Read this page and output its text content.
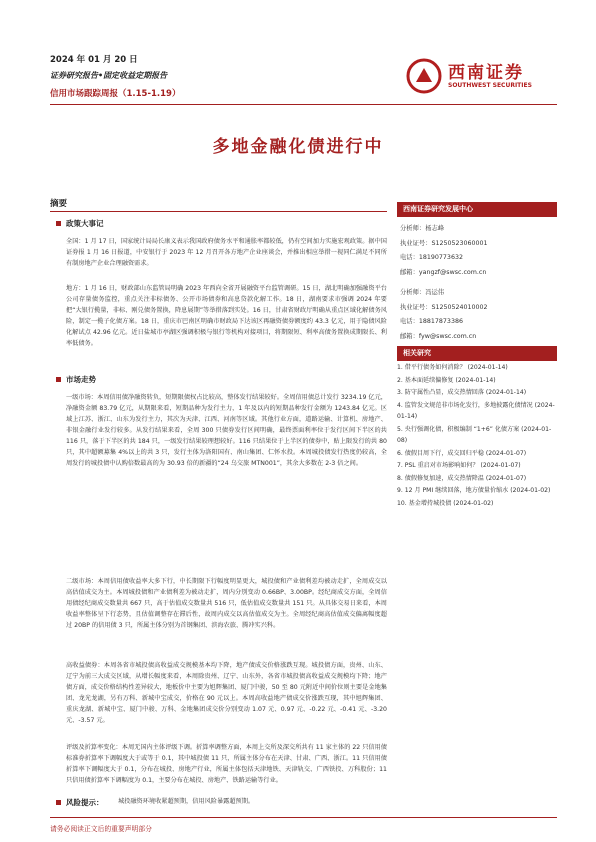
2024 年 01 月 20 日
证券研究报告•固定收益定期报告
信用市场跟踪周报（1.15-1.19）
西南证券
SOUTHWEST SECURITIES
多地金融化债进行中
摘要
政策大事记
全国：1 月 17 日，国家统计局局长康义表示我国政府债务水平和通胀率都较低，仍有空间加力实施宏观政策。据中国证券报 1 月 16 日报道，中安银行于 2023 年 12 月召开各方地产企业座谈会，并推出相应举措一视同仁满足不同所有制房地产企业合理融资需求。
地方：1 月 16 日，财政部山东监管局明确 2023 年西向全省开展融资平台监管调研。15 日，湖北明确加强融资平台公司存量债务监控，重点关注非标债务、公开市场债券和高息贷款化解工作。18 日，湖南要求市强调 2024 年要把“大银行揽量，非标、刚兑债务置换，降息展期”等举措落到实处。16 日，甘肃省财政厅明确从重点区域化解债务风险，制定一揽子化债方案。18 日，重庆市巴南区明确市财政局下达该区再融资债券额度约 43.3 亿元，用于隐债风险化解试点 42.96 亿元。近日盐城市亭湖区强调积极与银行等机构对接项目，将期限短、利率高债务置换成期限长、利率低债务。
市场走势
一级市场：本周信用债净融资转负，短期限债权占比较高，整体发行结果较好。全周信用债总计发行 3234.19 亿元，净融资金额 83.79 亿元，从期限来看，短期品种为发行主力，1 年及以内的短期品种发行金额为 1243.84 亿元。区域上江苏、浙江、山东为发行主力，其次为天津、江西、河南等区域。其他行业方面，道路运输、计算机、房地产、非银金融行业发行较多。从发行结果来看，全周 300 只债券发行区间明确，最终票面利率位于发行区间下半区的共 116 只，落于下半区的共 184 只，一级发行结果较理想较好。116 只结果位于上半区的债券中，贴上限发行的共 80 只，其中超额募集 4%以上的共 3 只，发行主体为洛阳国有、南山集团、仁怀水投。本周城投债发行热度仍较高，全周发行的城投债中认购倍数最高的为 30.93 倍的新疆的“24 乌交旅 MTN001”，其余大多数在 2-3 倍之间。
二级市场：本周信用债收益率大多下行，中长期限下行幅度明显更大，城投债和产业债利差均被动走扩，全周成交以高估值成交为主。本周城投债和产业债利差为被动走扩，周内分别变动 0.66BP、3.00BP。经纪商成交方面，全周信用债经纪商成交数量共 667 只，高于估值成交数量共 516 只，低估值成交数量共 151 只。从具体交易日来看，本周收益率整体呈下行态势，且估值调整存在滞后性，故周内成交以高估值成交为主。全周经纪商高估值成交偏离幅度超过 20BP 的信用债 3 只，所属主体分别为首钢集团、滨海农旅、腾冲实兴科。
高收益债券：本周各省市城投债高收益成交规模基本均下降，地产债成交价格涨跌互现。城投债方面，贵州、山东、辽宁为前三大成交区域，从增长幅度来看，本周除贵州、辽宁、山东外，各省市城投债高收益成交规模均下降；地产债方面，成交价格结构性差异较大，地板价中主要为旭辉集团、厦门中骏，50 至 80 元附近中间价位则主要是金地集团、龙光龙湖，另有万科、新城中宝成交，价格在 90 元以上。本周高收益地产债成交价涨跌互现，其中旭辉集团、重庆龙湖、新城中宝、厦门中骏、万科、金地集团成交价分别变动 1.07 元、0.97 元、-0.22 元、-0.41 元、-3.20 元、-3.57 元。
评级及折算率变化：本周无国内主体评级下调。折算率调整方面，本周上交所及深交所共有 11 家主体的 22 只信用债标准券折算率下调幅度大于或等于 0.1，其中城投债 11 只，所属主体分布在天津、甘肃、广西、浙江。11 只信用债折算率下调幅度大于 0.1，分布在城投、房地产行业，所属主体包括天津地铁、天津轨交、广西铁投、万科股份；11 只信用债折算率下调幅度为 0.1，主要分布在城投、房地产、铁路运输等行业。
风险提示： 城投融资环境收紧超预期，信用风险暴露超预期。
西南证券研究发展中心
分析师：杨志峰
执业证号：S1250523060001
电话：18190773632
邮箱：yangzf@swsc.com.cn
分析师：冯运伟
执业证号：S1250524010002
电话：18817873386
邮箱：fyw@swsc.com.cn
相关研究
1. 借平行债务如何消除？ (2024-01-14)
2. 基本面延续偏修复 (2024-01-14)
3. 防守属性凸显，成交热情回落 (2024-01-14)
4. 监管发文规范非市场化发行，多地披露化债情况 (2024-01-14)
5. 央行强调化债，积极编制 “1+6” 化债方案 (2024-01-08)
6. 债假目周下行，成交回归平稳 (2024-01-07)
7. PSL 重启对市场影响如何？ (2024-01-07)
8. 债假修复加速，成交热情降温 (2024-01-07)
9. 12 月 PMI 继续回落，地方债量价缩水 (2024-01-02)
10. 基金增持城投债 (2024-01-02)
请务必阅读正文后的重要声明部分
